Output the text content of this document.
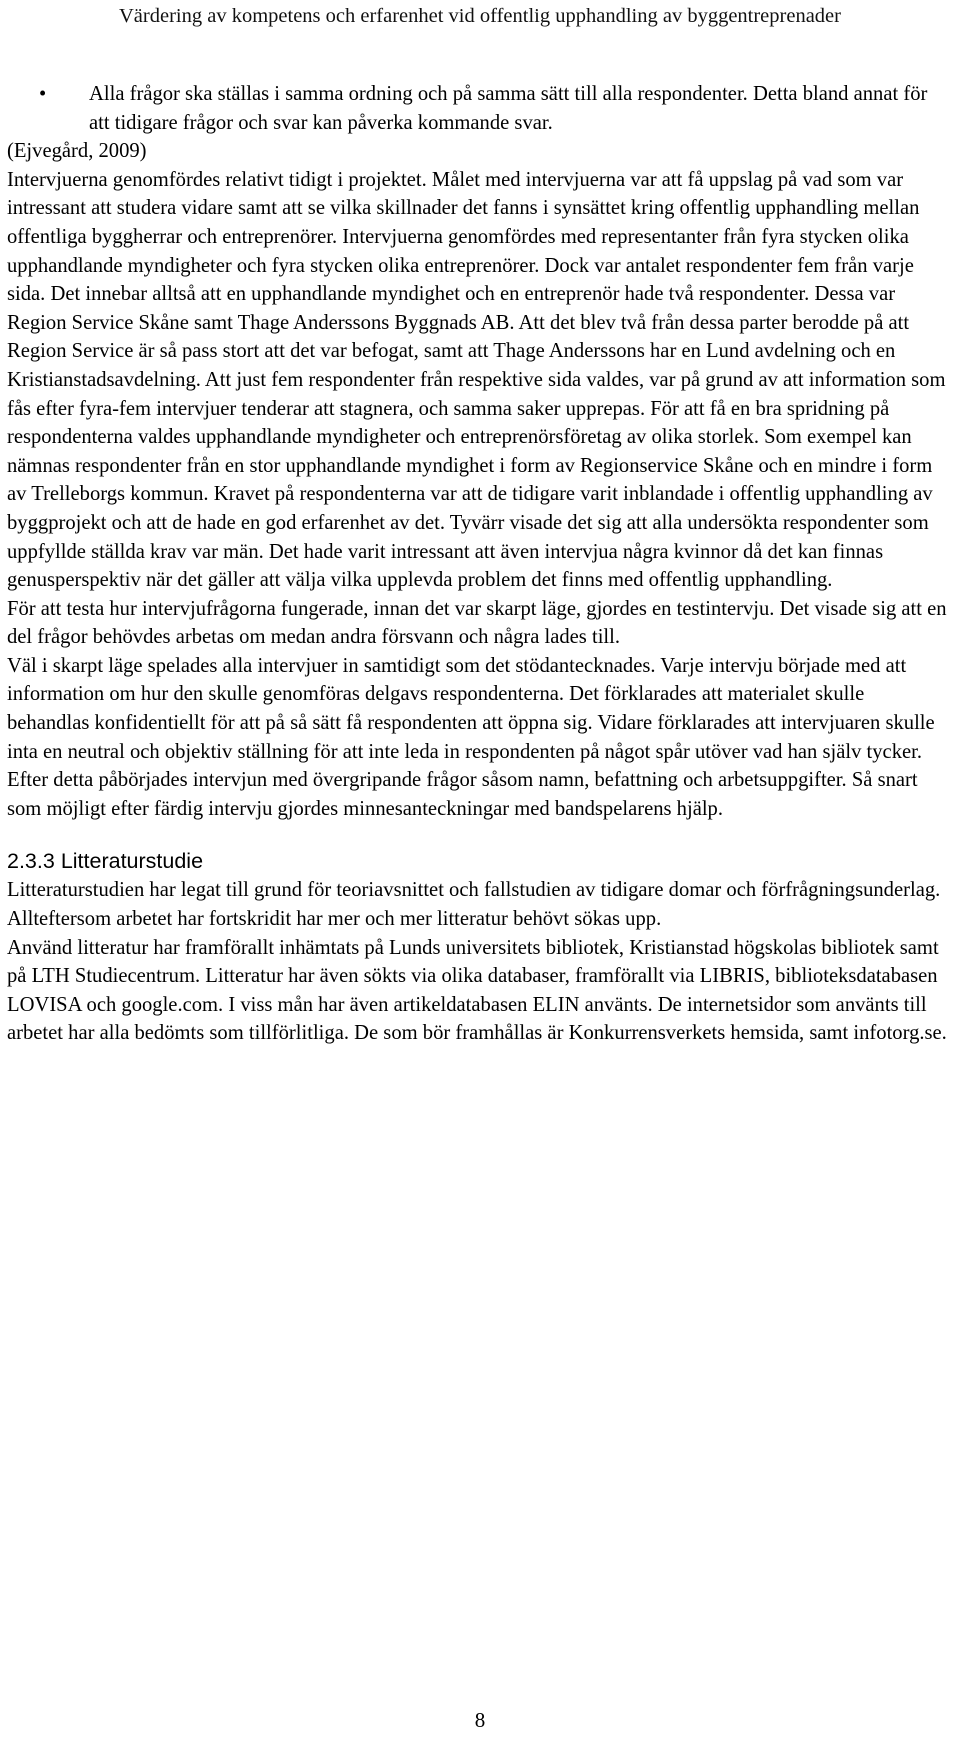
Värdering av kompetens och erfarenhet vid offentlig upphandling av byggentreprenader
• Alla frågor ska ställas i samma ordning och på samma sätt till alla respondenter. Detta bland annat för att tidigare frågor och svar kan påverka kommande svar.

(Ejvegård, 2009)

Intervjuerna genomfördes relativt tidigt i projektet. Målet med intervjuerna var att få uppslag på vad som var intressant att studera vidare samt att se vilka skillnader det fanns i synsättet kring offentlig upphandling mellan offentliga byggherrar och entreprenörer. Intervjuerna genomfördes med representanter från fyra stycken olika upphandlande myndigheter och fyra stycken olika entreprenörer. Dock var antalet respondenter fem från varje sida. Det innebar alltså att en upphandlande myndighet och en entreprenör hade två respondenter. Dessa var Region Service Skåne samt Thage Anderssons Byggnads AB. Att det blev två från dessa parter berodde på att Region Service är så pass stort att det var befogat, samt att Thage Anderssons har en Lund avdelning och en Kristianstadsavdelning. Att just fem respondenter från respektive sida valdes, var på grund av att information som fås efter fyra-fem intervjuer tenderar att stagnera, och samma saker upprepas. För att få en bra spridning på respondenterna valdes upphandlande myndigheter och entreprenörsföretag av olika storlek. Som exempel kan nämnas respondenter från en stor upphandlande myndighet i form av Regionservice Skåne och en mindre i form av Trelleborgs kommun. Kravet på respondenterna var att de tidigare varit inblandade i offentlig upphandling av byggprojekt och att de hade en god erfarenhet av det. Tyvärr visade det sig att alla undersökta respondenter som uppfyllde ställda krav var män. Det hade varit intressant att även intervjua några kvinnor då det kan finnas genusperspektiv när det gäller att välja vilka upplevda problem det finns med offentlig upphandling.

För att testa hur intervjufrågorna fungerade, innan det var skarpt läge, gjordes en testintervju. Det visade sig att en del frågor behövdes arbetas om medan andra försvann och några lades till.

Väl i skarpt läge spelades alla intervjuer in samtidigt som det stödantecknades. Varje intervju började med att information om hur den skulle genomföras delgavs respondenterna. Det förklarades att materialet skulle behandlas konfidentiellt för att på så sätt få respondenten att öppna sig. Vidare förklarades att intervjuaren skulle inta en neutral och objektiv ställning för att inte leda in respondenten på något spår utöver vad han själv tycker. Efter detta påbörjades intervjun med övergripande frågor såsom namn, befattning och arbetsuppgifter. Så snart som möjligt efter färdig intervju gjordes minnesanteckningar med bandspelarens hjälp.

2.3.3 Litteraturstudie

Litteraturstudien har legat till grund för teoriavsnittet och fallstudien av tidigare domar och förfrågningsunderlag. Allteftersom arbetet har fortskridit har mer och mer litteratur behövt sökas upp.

Använd litteratur har framförallt inhämtats på Lunds universitets bibliotek, Kristianstad högskolas bibliotek samt på LTH Studiecentrum. Litteratur har även sökts via olika databaser, framförallt via LIBRIS, biblioteksdatabasen LOVISA och google.com. I viss mån har även artikeldatabasen ELIN använts. De internetsidor som använts till arbetet har alla bedömts som tillförlitliga. De som bör framhållas är Konkurrensverkets hemsida, samt infotorg.se.

8
